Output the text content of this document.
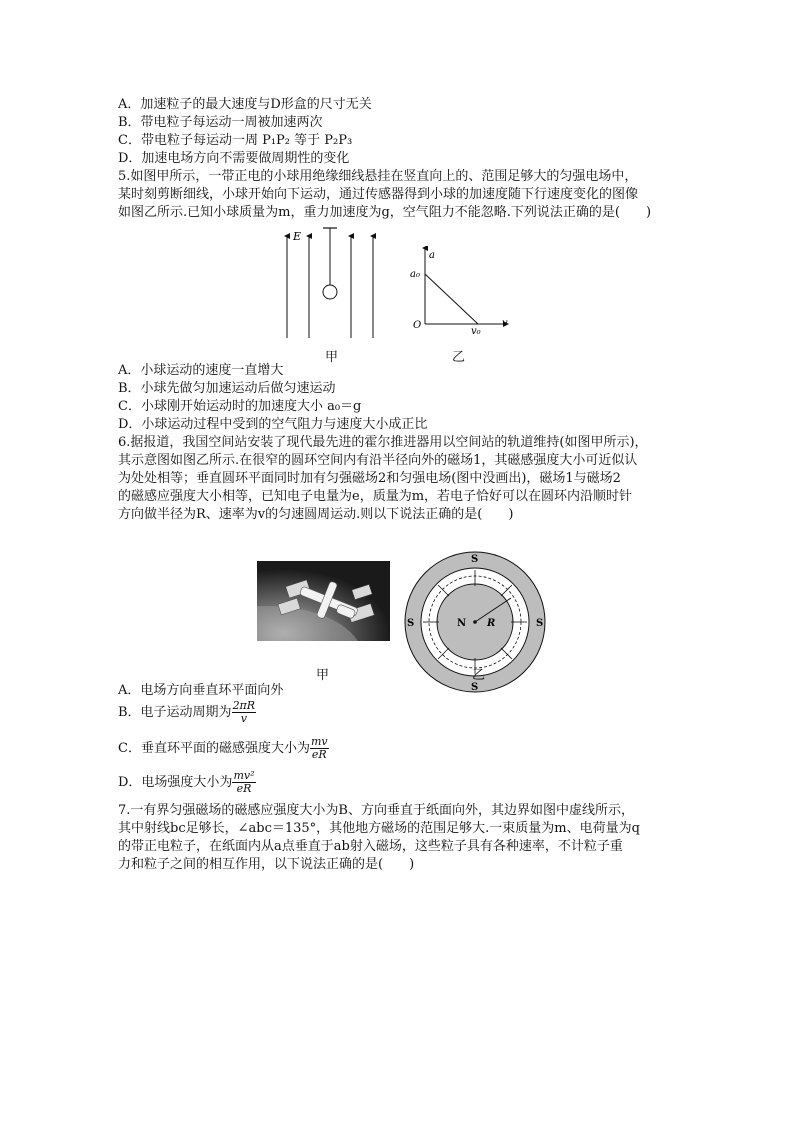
A．加速粒子的最大速度与D形盒的尺寸无关
B．带电粒子每运动一周被加速两次
C．带电粒子每运动一周 P₁P₂ 等于 P₂P₃
D．加速电场方向不需要做周期性的变化
5.如图甲所示，一带正电的小球用绝缘细线悬挂在竖直向上的、范围足够大的匀强电场中，
某时刻剪断细线，小球开始向下运动，通过传感器得到小球的加速度随下行速度变化的图像
如图乙所示.已知小球质量为m，重力加速度为g，空气阻力不能忽略.下列说法正确的是(　　)
E
甲
a
a₀
O
v₀
v
乙
A．小球运动的速度一直增大
B．小球先做匀加速运动后做匀速运动
C．小球刚开始运动时的加速度大小 a₀＝g
D．小球运动过程中受到的空气阻力与速度大小成正比
6.据报道，我国空间站安装了现代最先进的霍尔推进器用以空间站的轨道维持(如图甲所示)，
其示意图如图乙所示.在很窄的圆环空间内有沿半径向外的磁场1，其磁感强度大小可近似认
为处处相等；垂直圆环平面同时加有匀强磁场2和匀强电场(图中没画出)，磁场1与磁场2
的磁感应强度大小相等，已知电子电量为e，质量为m，若电子恰好可以在圆环内沿顺时针
方向做半径为R、速率为v的匀速圆周运动.则以下说法正确的是(　　)
甲
S
S
S	S
N R
乙
A．电场方向垂直环平面向外
B．电子运动周期为 $\frac{2\pi R}{v}$
C．垂直环平面的磁感强度大小为 $\frac{mv}{eR}$
D．电场强度大小为 $\frac{\text{mv²}}{eR}$
7.一有界匀强磁场的磁感应强度大小为B、方向垂直于纸面向外，其边界如图中虚线所示，
其中射线bc足够长，∠abc＝135°，其他地方磁场的范围足够大.一束质量为m、电荷量为q
的带正电粒子，在纸面内从a点垂直于ab射入磁场，这些粒子具有各种速率，不计粒子重
力和粒子之间的相互作用，以下说法正确的是(　　)
